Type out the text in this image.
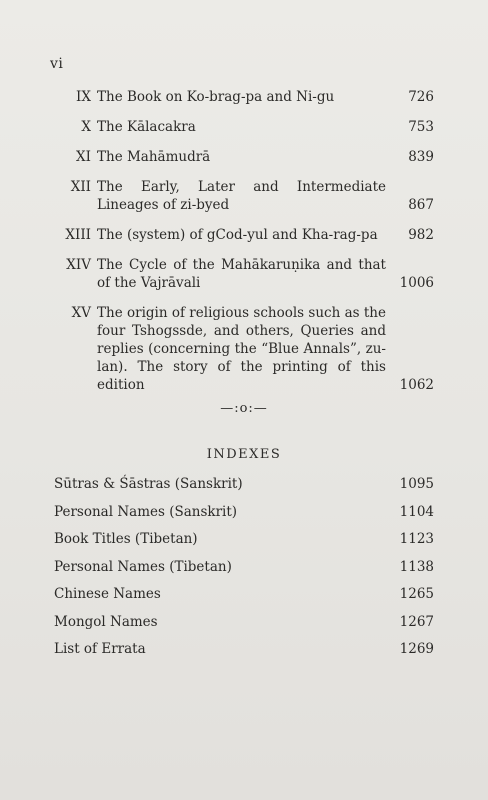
vi
IX The Book on Ko-brag-pa and Ni-gu	726
X The Kālacakra	753
XI The Mahāmudrā	839
XII The Early, Later and Intermediate Lineages of zi-byed	867
XIII The (system) of gCod-yul and Kha-rag-pa	982
XIV The Cycle of the Mahākaruṇika and that of the Vajrāvali	1006
XV The origin of religious schools such as the four Tshogssde, and others, Queries and replies (concerning the “Blue Annals”, zu-lan). The story of the printing of this edition	1062
—:o:—
INDEXES
Sūtras & Śāstras (Sanskrit)	1095
Personal Names (Sanskrit)	1104
Book Titles (Tibetan)	1123
Personal Names (Tibetan)	1138
Chinese Names	1265
Mongol Names	1267
List of Errata	1269
